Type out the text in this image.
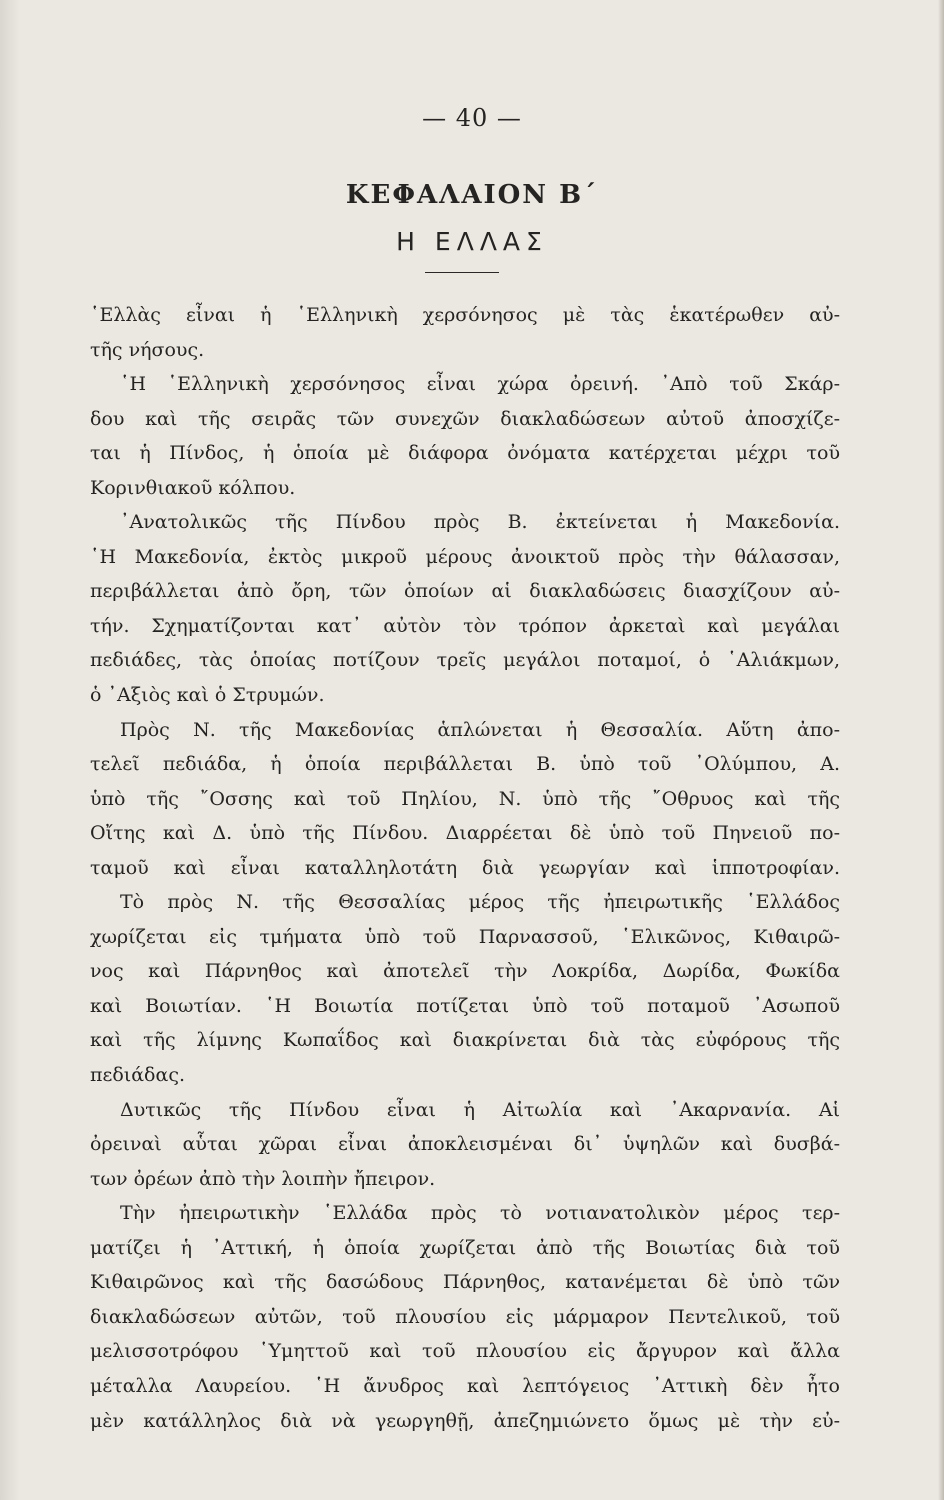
— 40 —
ΚΕΦΑΛΑΙΟΝ Β΄
Η ΕΛΛΑΣ
῾Ελλὰς εἶναι ἡ ῾Ελληνικὴ χερσόνησος μὲ τὰς ἑκατέρωθεν αὐ-
τῆς νήσους.
῾Η ῾Ελληνικὴ χερσόνησος εἶναι χώρα ὀρεινή. ᾿Απὸ τοῦ Σκάρ-
δου καὶ τῆς σειρᾶς τῶν συνεχῶν διακλαδώσεων αὐτοῦ ἀποσχίζε-
ται ἡ Πίνδος, ἡ ὁποία μὲ διάφορα ὀνόματα κατέρχεται μέχρι τοῦ
Κορινθιακοῦ κόλπου.
᾿Ανατολικῶς τῆς Πίνδου πρὸς Β. ἐκτείνεται ἡ Μακεδονία.
῾Η Μακεδονία, ἐκτὸς μικροῦ μέρους ἀνοικτοῦ πρὸς τὴν θάλασσαν,
περιβάλλεται ἀπὸ ὄρη, τῶν ὁποίων αἱ διακλαδώσεις διασχίζουν αὐ-
τήν. Σχηματίζονται κατ᾿ αὐτὸν τὸν τρόπον ἀρκεταὶ καὶ μεγάλαι
πεδιάδες, τὰς ὁποίας ποτίζουν τρεῖς μεγάλοι ποταμοί, ὁ ῾Αλιάκμων,
ὁ ᾿Αξιὸς καὶ ὁ Στρυμών.
Πρὸς Ν. τῆς Μακεδονίας ἁπλώνεται ἡ Θεσσαλία. Αὕτη ἀπο-
τελεῖ πεδιάδα, ἡ ὁποία περιβάλλεται Β. ὑπὸ τοῦ ᾿Ολύμπου, Α.
ὑπὸ τῆς ῎Οσσης καὶ τοῦ Πηλίου, Ν. ὑπὸ τῆς ῎Οθρυος καὶ τῆς
Οἴτης καὶ Δ. ὑπὸ τῆς Πίνδου. Διαρρέεται δὲ ὑπὸ τοῦ Πηνειοῦ πο-
ταμοῦ καὶ εἶναι καταλληλοτάτη διὰ γεωργίαν καὶ ἱπποτροφίαν.
Τὸ πρὸς Ν. τῆς Θεσσαλίας μέρος τῆς ἠπειρωτικῆς ῾Ελλάδος
χωρίζεται εἰς τμήματα ὑπὸ τοῦ Παρνασσοῦ, ῾Ελικῶνος, Κιθαιρῶ-
νος καὶ Πάρνηθος καὶ ἀποτελεῖ τὴν Λοκρίδα, Δωρίδα, Φωκίδα
καὶ Βοιωτίαν. ῾Η Βοιωτία ποτίζεται ὑπὸ τοῦ ποταμοῦ ᾿Ασωποῦ
καὶ τῆς λίμνης Κωπαΐδος καὶ διακρίνεται διὰ τὰς εὐφόρους τῆς
πεδιάδας.
Δυτικῶς τῆς Πίνδου εἶναι ἡ Αἰτωλία καὶ ᾿Ακαρνανία. Αἱ
ὀρειναὶ αὗται χῶραι εἶναι ἀποκλεισμέναι δι᾿ ὑψηλῶν καὶ δυσβά-
των ὀρέων ἀπὸ τὴν λοιπὴν ἤπειρον.
Τὴν ἠπειρωτικὴν ῾Ελλάδα πρὸς τὸ νοτιανατολικὸν μέρος τερ-
ματίζει ἡ ᾿Αττική, ἡ ὁποία χωρίζεται ἀπὸ τῆς Βοιωτίας διὰ τοῦ
Κιθαιρῶνος καὶ τῆς δασώδους Πάρνηθος, κατανέμεται δὲ ὑπὸ τῶν
διακλαδώσεων αὐτῶν, τοῦ πλουσίου εἰς μάρμαρον Πεντελικοῦ, τοῦ
μελισσοτρόφου ῾Υμηττοῦ καὶ τοῦ πλουσίου εἰς ἄργυρον καὶ ἄλλα
μέταλλα Λαυρείου. ῾Η ἄνυδρος καὶ λεπτόγειος ᾿Αττικὴ δὲν ἦτο
μὲν κατάλληλος διὰ νὰ γεωργηθῇ, ἀπεζημιώνετο ὅμως μὲ τὴν εὐ-
